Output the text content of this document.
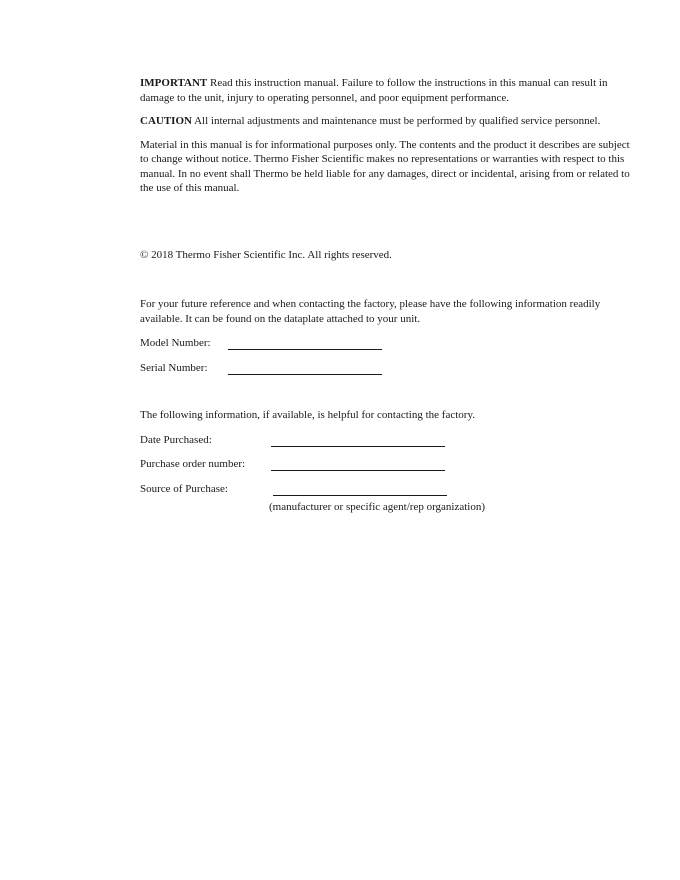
IMPORTANT Read this instruction manual. Failure to follow the instructions in this manual can result in damage to the unit, injury to operating personnel, and poor equipment performance.

CAUTION All internal adjustments and maintenance must be performed by qualified service personnel.

Material in this manual is for informational purposes only. The contents and the product it describes are subject to change without notice. Thermo Fisher Scientific makes no representations or warranties with respect to this manual. In no event shall Thermo be held liable for any damages, direct or incidental, arising from or related to the use of this manual.

© 2018 Thermo Fisher Scientific Inc. All rights reserved.

For your future reference and when contacting the factory, please have the following information readily available. It can be found on the dataplate attached to your unit.

Model Number:
Serial Number:

The following information, if available, is helpful for contacting the factory.

Date Purchased:
Purchase order number:
Source of Purchase:
(manufacturer or specific agent/rep organization)
